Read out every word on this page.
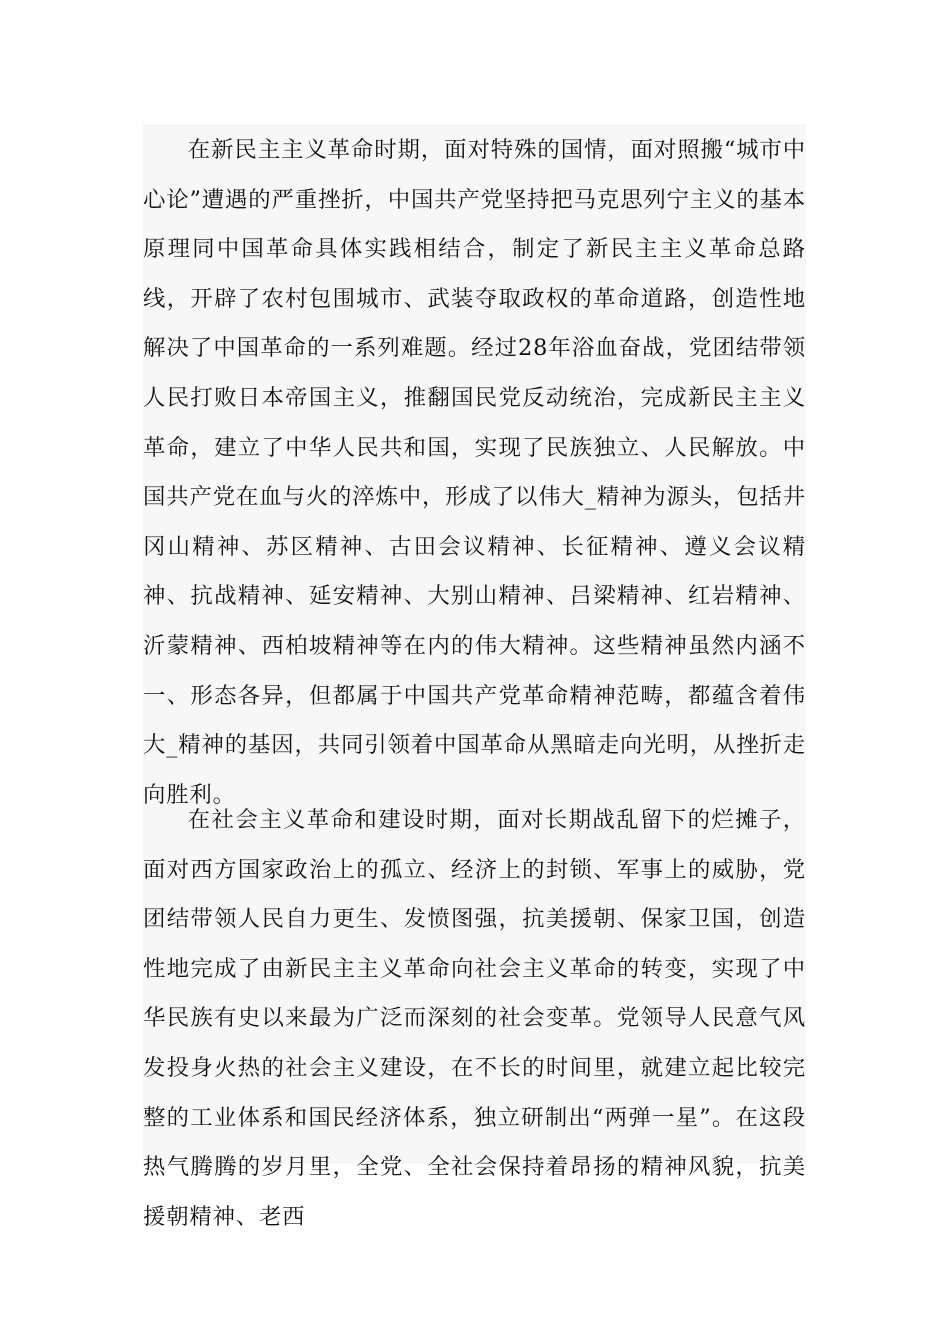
在新民主主义革命时期，面对特殊的国情，面对照搬“城市中心论”遭遇的严重挫折，中国共产党坚持把马克思列宁主义的基本原理同中国革命具体实践相结合，制定了新民主主义革命总路线，开辟了农村包围城市、武装夺取政权的革命道路，创造性地解决了中国革命的一系列难题。经过28年浴血奋战，党团结带领人民打败日本帝国主义，推翻国民党反动统治，完成新民主主义革命，建立了中华人民共和国，实现了民族独立、人民解放。中国共产党在血与火的淬炼中，形成了以伟大_精神为源头，包括井冈山精神、苏区精神、古田会议精神、长征精神、遵义会议精神、抗战精神、延安精神、大别山精神、吕梁精神、红岩精神、沂蒙精神、西柏坡精神等在内的伟大精神。这些精神虽然内涵不一、形态各异，但都属于中国共产党革命精神范畴，都蕴含着伟大_精神的基因，共同引领着中国革命从黑暗走向光明，从挫折走向胜利。

在社会主义革命和建设时期，面对长期战乱留下的烂摊子，面对西方国家政治上的孤立、经济上的封锁、军事上的威胁，党团结带领人民自力更生、发愤图强，抗美援朝、保家卫国，创造性地完成了由新民主主义革命向社会主义革命的转变，实现了中华民族有史以来最为广泛而深刻的社会变革。党领导人民意气风发投身火热的社会主义建设，在不长的时间里，就建立起比较完整的工业体系和国民经济体系，独立研制出“两弹一星”。在这段热气腾腾的岁月里，全党、全社会保持着昂扬的精神风貌，抗美援朝精神、老西
